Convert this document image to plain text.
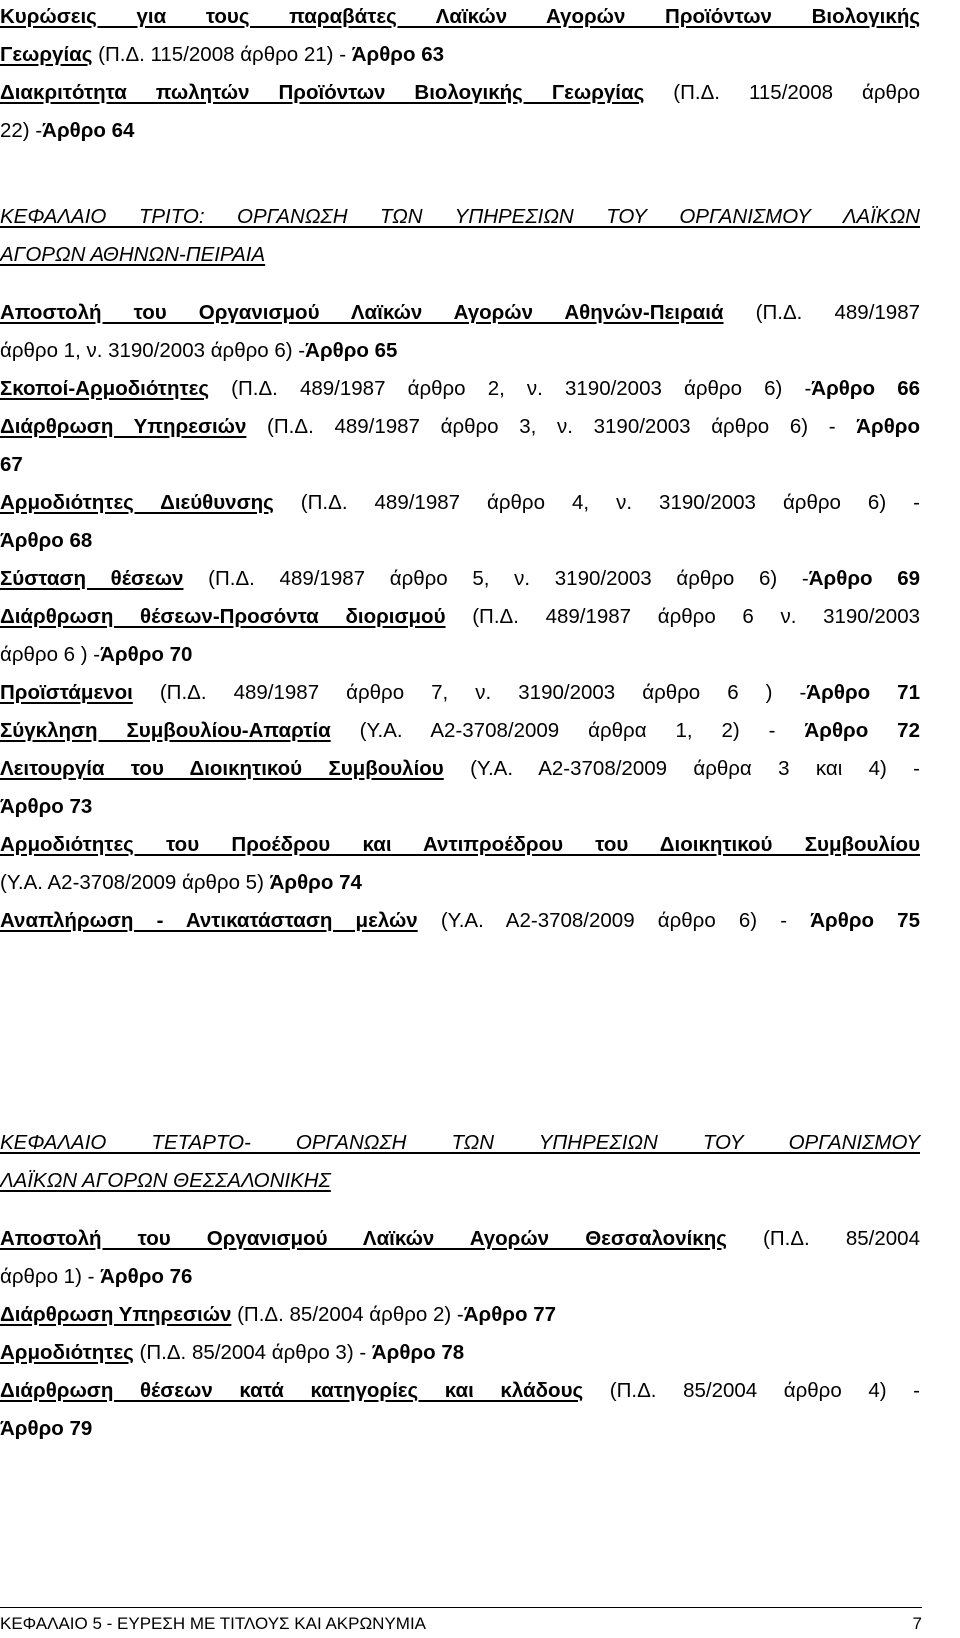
Κυρώσεις για τους παραβάτες Λαϊκών Αγορών Προϊόντων Βιολογικής
Γεωργίας (Π.Δ. 115/2008 άρθρο 21) - Άρθρο 63
Διακριτότητα πωλητών Προϊόντων Βιολογικής Γεωργίας (Π.Δ. 115/2008 άρθρο
22) -Άρθρο 64
ΚΕΦΑΛΑΙΟ ΤΡΙΤΟ: ΟΡΓΑΝΩΣΗ ΤΩΝ ΥΠΗΡΕΣΙΩΝ ΤΟΥ ΟΡΓΑΝΙΣΜΟΥ ΛΑΪΚΩΝ
ΑΓΟΡΩΝ ΑΘΗΝΩΝ-ΠΕΙΡΑΙΑ
Αποστολή του Οργανισμού Λαϊκών Αγορών Αθηνών-Πειραιά (Π.Δ. 489/1987
άρθρο 1, ν. 3190/2003 άρθρο 6) -Άρθρο 65
Σκοποί-Αρμοδιότητες (Π.Δ. 489/1987 άρθρο 2, ν. 3190/2003 άρθρο 6) -Άρθρο 66
Διάρθρωση Υπηρεσιών (Π.Δ. 489/1987 άρθρο 3, ν. 3190/2003 άρθρο 6) - Άρθρο
67
Αρμοδιότητες Διεύθυνσης (Π.Δ. 489/1987 άρθρο 4, ν. 3190/2003 άρθρο 6) -
Άρθρο 68
Σύσταση θέσεων (Π.Δ. 489/1987 άρθρο 5, ν. 3190/2003 άρθρο 6) -Άρθρο 69
Διάρθρωση θέσεων-Προσόντα διορισμού (Π.Δ. 489/1987 άρθρο 6 ν. 3190/2003
άρθρο 6 ) -Άρθρο 70
Προϊστάμενοι (Π.Δ. 489/1987 άρθρο 7, ν. 3190/2003 άρθρο 6 ) -Άρθρο 71
Σύγκληση Συμβουλίου-Απαρτία (Υ.Α. Α2-3708/2009 άρθρα 1, 2) - Άρθρο 72
Λειτουργία του Διοικητικού Συμβουλίου (Υ.Α. Α2-3708/2009 άρθρα 3 και 4) -
Άρθρο 73
Αρμοδιότητες του Προέδρου και Αντιπροέδρου του Διοικητικού Συμβουλίου
(Υ.Α. Α2-3708/2009 άρθρο 5) Άρθρο 74
Αναπλήρωση - Αντικατάσταση μελών (Υ.Α. Α2-3708/2009 άρθρο 6) - Άρθρο 75
ΚΕΦΑΛΑΙΟ ΤΕΤΑΡΤΟ- ΟΡΓΑΝΩΣΗ ΤΩΝ ΥΠΗΡΕΣΙΩΝ ΤΟΥ ΟΡΓΑΝΙΣΜΟΥ
ΛΑΪΚΩΝ ΑΓΟΡΩΝ ΘΕΣΣΑΛΟΝΙΚΗΣ
Αποστολή του Οργανισμού Λαϊκών Αγορών Θεσσαλονίκης (Π.Δ. 85/2004
άρθρο 1) - Άρθρο 76
Διάρθρωση Υπηρεσιών (Π.Δ. 85/2004 άρθρο 2) -Άρθρο 77
Αρμοδιότητες (Π.Δ. 85/2004 άρθρο 3) - Άρθρο 78
Διάρθρωση θέσεων κατά κατηγορίες και κλάδους (Π.Δ. 85/2004 άρθρο 4) -
Άρθρο 79
ΚΕΦΑΛΑΙΟ 5 - ΕΥΡΕΣΗ ΜΕ ΤΙΤΛΟΥΣ ΚΑΙ ΑΚΡΩΝΥΜΙΑ	7
